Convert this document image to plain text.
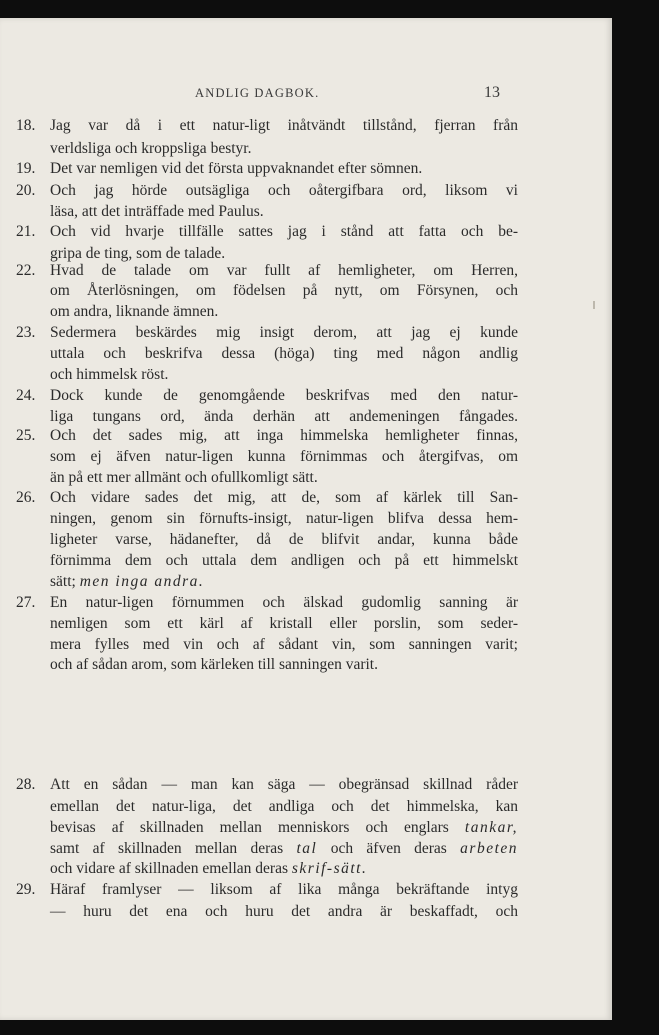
ANDLIG DAGBOK.	13
18. Jag var då i ett natur-ligt inåtvändt tillstånd, fjerran från
verldsliga och kroppsliga bestyr.
19. Det var nemligen vid det första uppvaknandet efter sömnen.
20. Och jag hörde outsägliga och oåtergifbara ord, liksom vi
läsa, att det inträffade med Paulus.
21. Och vid hvarje tillfälle sattes jag i stånd att fatta och be-
gripa de ting, som de talade.
22. Hvad de talade om var fullt af hemligheter, om Herren,
om Återlösningen, om födelsen på nytt, om Försynen, och
om andra, liknande ämnen.
23. Sedermera beskärdes mig insigt derom, att jag ej kunde
uttala och beskrifva dessa (höga) ting med någon andlig
och himmelsk röst.
24. Dock kunde de genomgående beskrifvas med den natur-
liga tungans ord, ända derhän att andemeningen fångades.
25. Och det sades mig, att inga himmelska hemligheter finnas,
som ej äfven natur-ligen kunna förnimmas och återgifvas, om
än på ett mer allmänt och ofullkomligt sätt.
26. Och vidare sades det mig, att de, som af kärlek till San-
ningen, genom sin förnufts-insigt, natur-ligen blifva dessa hem-
ligheter varse, hädanefter, då de blifvit andar, kunna både
förnimma dem och uttala dem andligen och på ett himmelskt
sätt; men inga andra.
27. En natur-ligen förnummen och älskad gudomlig sanning är
nemligen som ett kärl af kristall eller porslin, som seder-
mera fylles med vin och af sådant vin, som sanningen varit;
och af sådan arom, som kärleken till sanningen varit.
28. Att en sådan — man kan säga — obegränsad skillnad råder
emellan det natur-liga, det andliga och det himmelska, kan
bevisas af skillnaden mellan menniskors och englars tankar,
samt af skillnaden mellan deras tal och äfven deras arbeten
och vidare af skillnaden emellan deras skrif-sätt.
29. Häraf framlyser — liksom af lika många bekräftande intyg
— huru det ena och huru det andra är beskaffadt, och
